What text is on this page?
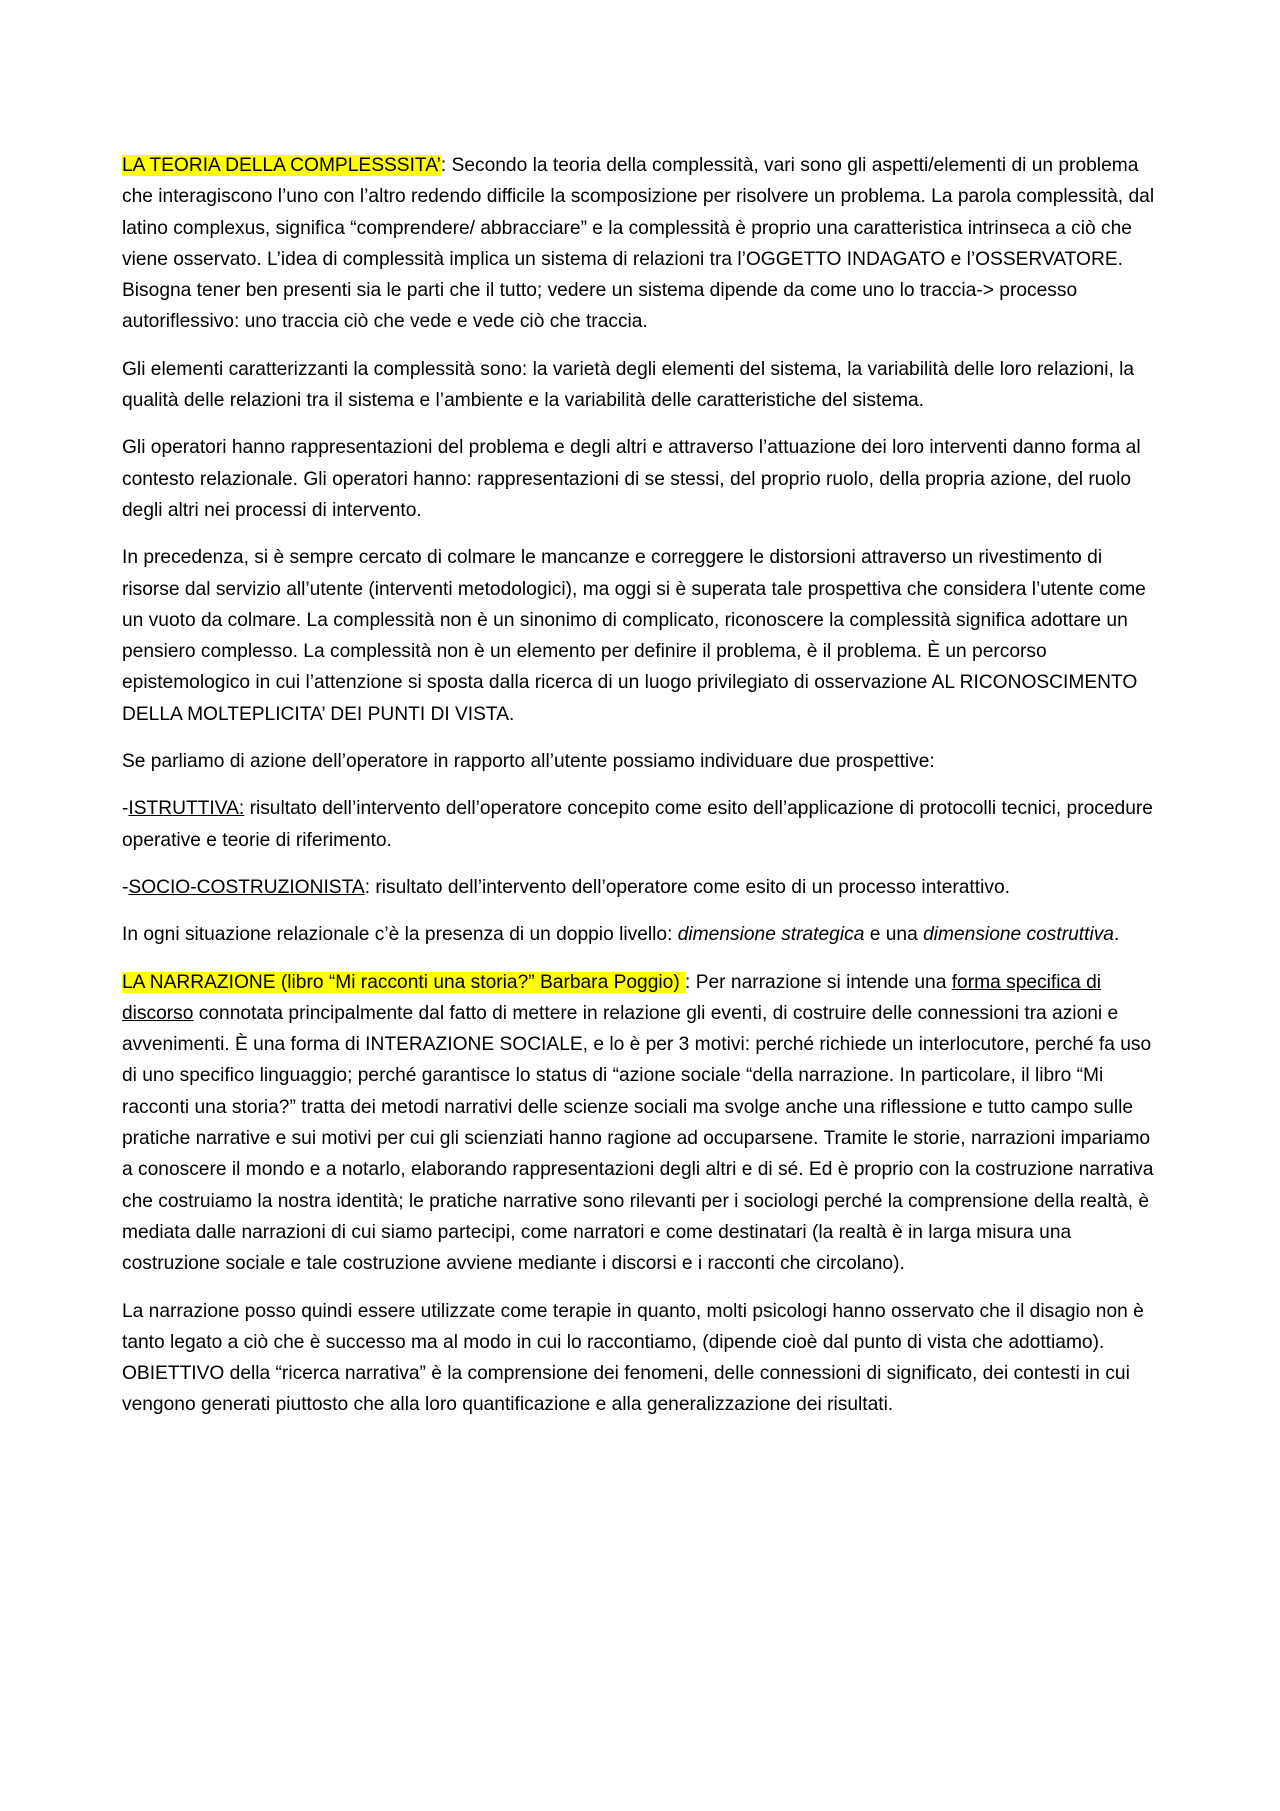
LA TEORIA DELLA COMPLESSSITA’: Secondo la teoria della complessità, vari sono gli aspetti/elementi di un problema che interagiscono l’uno con l’altro redendo difficile la scomposizione per risolvere un problema. La parola complessità, dal latino complexus, significa “comprendere/ abbracciare” e la complessità è proprio una caratteristica intrinseca a ciò che viene osservato. L’idea di complessità implica un sistema di relazioni tra l’OGGETTO INDAGATO e l’OSSERVATORE. Bisogna tener ben presenti sia le parti che il tutto; vedere un sistema dipende da come uno lo traccia-> processo autoriflessivo: uno traccia ciò che vede e vede ciò che traccia.

Gli elementi caratterizzanti la complessità sono: la varietà degli elementi del sistema, la variabilità delle loro relazioni, la qualità delle relazioni tra il sistema e l’ambiente e la variabilità delle caratteristiche del sistema.

Gli operatori hanno rappresentazioni del problema e degli altri e attraverso l’attuazione dei loro interventi danno forma al contesto relazionale. Gli operatori hanno: rappresentazioni di se stessi, del proprio ruolo, della propria azione, del ruolo degli altri nei processi di intervento.

In precedenza, si è sempre cercato di colmare le mancanze e correggere le distorsioni attraverso un rivestimento di risorse dal servizio all’utente (interventi metodologici), ma oggi si è superata tale prospettiva che considera l’utente come un vuoto da colmare. La complessità non è un sinonimo di complicato, riconoscere la complessità significa adottare un pensiero complesso. La complessità non è un elemento per definire il problema, è il problema. È un percorso epistemologico in cui l’attenzione si sposta dalla ricerca di un luogo privilegiato di osservazione AL RICONOSCIMENTO DELLA MOLTEPLICITA’ DEI PUNTI DI VISTA.

Se parliamo di azione dell’operatore in rapporto all’utente possiamo individuare due prospettive:

-ISTRUTTIVA: risultato dell’intervento dell’operatore concepito come esito dell’applicazione di protocolli tecnici, procedure operative e teorie di riferimento.

-SOCIO-COSTRUZIONISTA: risultato dell’intervento dell’operatore come esito di un processo interattivo.

In ogni situazione relazionale c’è la presenza di un doppio livello: dimensione strategica e una dimensione costruttiva.

LA NARRAZIONE (libro “Mi racconti una storia?” Barbara Poggio) : Per narrazione si intende una forma specifica di discorso connotata principalmente dal fatto di mettere in relazione gli eventi, di costruire delle connessioni tra azioni e avvenimenti. È una forma di INTERAZIONE SOCIALE, e lo è per 3 motivi: perché richiede un interlocutore, perché fa uso di uno specifico linguaggio; perché garantisce lo status di “azione sociale “della narrazione. In particolare, il libro “Mi racconti una storia?” tratta dei metodi narrativi delle scienze sociali ma svolge anche una riflessione e tutto campo sulle pratiche narrative e sui motivi per cui gli scienziati hanno ragione ad occuparsene. Tramite le storie, narrazioni impariamo a conoscere il mondo e a notarlo, elaborando rappresentazioni degli altri e di sé. Ed è proprio con la costruzione narrativa che costruiamo la nostra identità; le pratiche narrative sono rilevanti per i sociologi perché la comprensione della realtà, è mediata dalle narrazioni di cui siamo partecipi, come narratori e come destinatari (la realtà è in larga misura una costruzione sociale e tale costruzione avviene mediante i discorsi e i racconti che circolano).

La narrazione posso quindi essere utilizzate come terapie in quanto, molti psicologi hanno osservato che il disagio non è tanto legato a ciò che è successo ma al modo in cui lo raccontiamo, (dipende cioè dal punto di vista che adottiamo). OBIETTIVO della “ricerca narrativa” è la comprensione dei fenomeni, delle connessioni di significato, dei contesti in cui vengono generati piuttosto che alla loro quantificazione e alla generalizzazione dei risultati.
